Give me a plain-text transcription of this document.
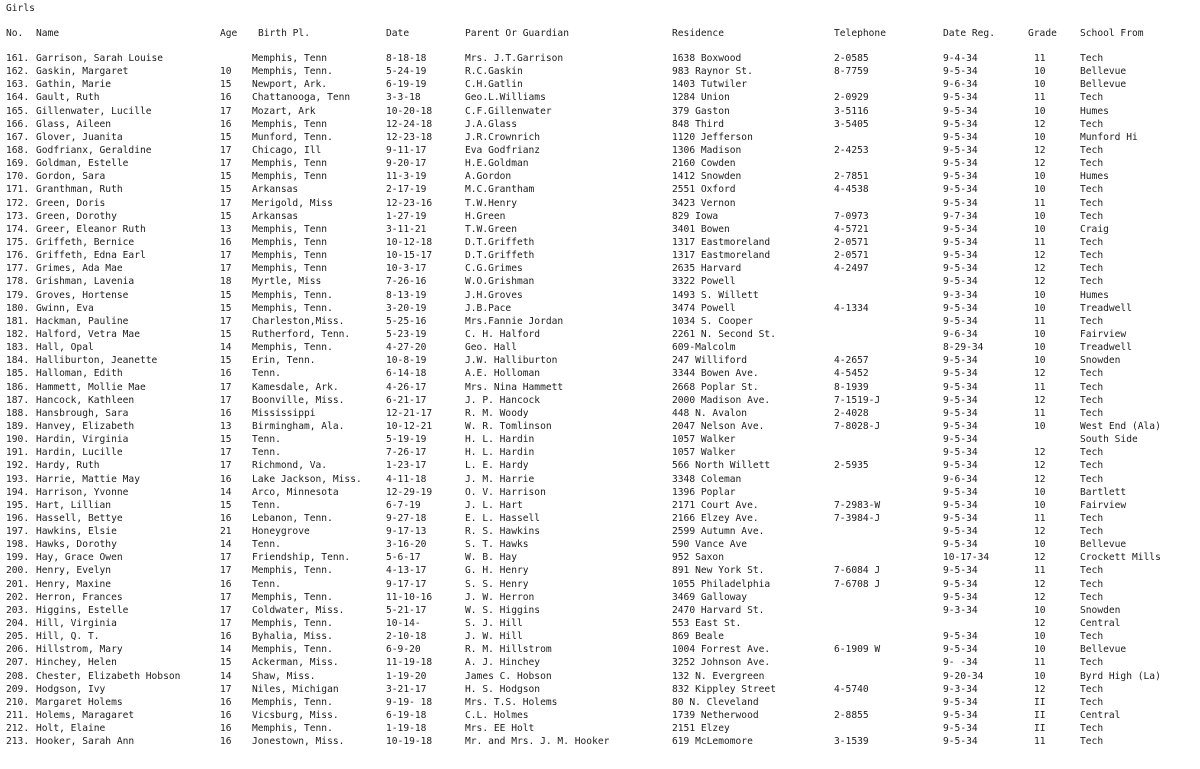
Girls
No. Name	Age Birth Pl.	Date	Parent Or Guardian	Residence	Telephone	Date Reg.	Grade School From
161. Garrison, Sarah Louise	Memphis, Tenn	8-18-18	Mrs. J.T.Garrison	1638 Boxwood	2-0585	9-4-34	11	Tech
162. Gaskin, Margaret	10 Memphis, Tenn.	5-24-19	R.C.Gaskin	983 Raynor St.	8-7759	9-5-34	10	Bellevue
163. Gathin, Marie	15 Newport, Ark.	6-19-19	C.H.Gatlin	1403 Tutwiler	9-6-34	10	Bellevue
164. Gault, Ruth	16 Chattanooga, Tenn	3-3-18	Geo.L.Williams	1284 Union	2-0929	9-5-34	11	Tech
165. Gillenwater, Lucille	17 Mozart, Ark	10-20-18	C.F.Gillenwater	379 Gaston	3-5116	9-5-34	10	Humes
166. Glass, Aileen	16 Memphis, Tenn	12-24-18	J.A.Glass	848 Third	3-5405	9-5-34	12	Tech
167. Glover, Juanita	15 Munford, Tenn.	12-23-18	J.R.Crownrich	1120 Jefferson	9-5-34	10	Munford Hi
168. Godfrianx, Geraldine	17 Chicago, Ill	9-11-17	Eva Godfrianz	1306 Madison	2-4253	9-5-34	12	Tech
169. Goldman, Estelle	17 Memphis, Tenn	9-20-17	H.E.Goldman	2160 Cowden	9-5-34	12	Tech
170. Gordon, Sara	15 Memphis, Tenn	11-3-19	A.Gordon	1412 Snowden	2-7851	9-5-34	10	Humes
171. Granthman, Ruth	15 Arkansas	2-17-19	M.C.Grantham	2551 Oxford	4-4538	9-5-34	10	Tech
172. Green, Doris	17 Merigold, Miss	12-23-16	T.W.Henry	3423 Vernon	9-5-34	11	Tech
173. Green, Dorothy	15 Arkansas	1-27-19	H.Green	829 Iowa	7-0973	9-7-34	10	Tech
174. Greer, Eleanor Ruth	13 Memphis, Tenn	3-11-21	T.W.Green	3401 Bowen	4-5721	9-5-34	10	Craig
175. Griffeth, Bernice	16 Memphis, Tenn	10-12-18	D.T.Griffeth	1317 Eastmoreland	2-0571	9-5-34	11	Tech
176. Griffeth, Edna Earl	17 Memphis, Tenn	10-15-17	D.T.Griffeth	1317 Eastmoreland	2-0571	9-5-34	12	Tech
177. Grimes, Ada Mae	17 Memphis, Tenn	10-3-17	C.G.Grimes	2635 Harvard	4-2497	9-5-34	12	Tech
178. Grishman, Lavenia	18 Myrtle, Miss	7-26-16	W.O.Grishman	3322 Powell	9-5-34	12	Tech
179. Groves, Hortense	15 Memphis, Tenn.	8-13-19	J.H.Groves	1493 S. Willett	9-3-34	10	Humes
180. Gwinn, Eva	15 Memphis, Tenn.	3-20-19	J.B.Pace	3474 Powell	4-1334	9-5-34	10	Treadwell
181. Hackman, Pauline	17 Charleston,Miss.	5-25-16	Mrs.Fannie Jordan	1034 S. Cooper	9-5-34	11	Tech
182. Halford, Vetra Mae	15 Rutherford, Tenn.	5-23-19	C. H. Halford	2261 N. Second St.	9-6-34	10	Fairview
183. Hall, Opal	14 Memphis, Tenn.	4-27-20	Geo. Hall	609-Malcolm	8-29-34	10	Treadwell
184. Halliburton, Jeanette	15 Erin, Tenn.	10-8-19	J.W. Halliburton	247 Williford	4-2657	9-5-34	10	Snowden
185. Halloman, Edith	16 Tenn.	6-14-18	A.E. Holloman	3344 Bowen Ave.	4-5452	9-5-34	12	Tech
186. Hammett, Mollie Mae	17 Kamesdale, Ark.	4-26-17	Mrs. Nina Hammett	2668 Poplar St.	8-1939	9-5-34	11	Tech
187. Hancock, Kathleen	17 Boonville, Miss.	6-21-17	J. P. Hancock	2000 Madison Ave.	7-1519-J	9-5-34	12	Tech
188. Hansbrough, Sara	16 Mississippi	12-21-17	R. M. Woody	448 N. Avalon	2-4028	9-5-34	11	Tech
189. Hanvey, Elizabeth	13 Birmingham, Ala.	10-12-21	W. R. Tomlinson	2047 Nelson Ave.	7-8028-J	9-5-34	10	West End (Ala)
190. Hardin, Virginia	15 Tenn.	5-19-19	H. L. Hardin	1057 Walker	9-5-34	South Side
191. Hardin, Lucille	17 Tenn.	7-26-17	H. L. Hardin	1057 Walker	9-5-34	12	Tech
192. Hardy, Ruth	17 Richmond, Va.	1-23-17	L. E. Hardy	566 North Willett	2-5935	9-5-34	12	Tech
193. Harrie, Mattie May	16 Lake Jackson, Miss.	4-11-18	J. M. Harrie	3348 Coleman	9-6-34	12	Tech
194. Harrison, Yvonne	14 Arco, Minnesota	12-29-19	O. V. Harrison	1396 Poplar	9-5-34	10	Bartlett
195. Hart, Lillian	15 Tenn.	6-7-19	J. L. Hart	2171 Court Ave.	7-2983-W	9-5-34	10	Fairview
196. Hassell, Bettye	16 Lebanon, Tenn.	9-27-18	E. L. Hassell	2166 Elzey Ave.	7-3984-J	9-5-34	11	Tech
197. Hawkins, Elsie	21 Honeygrove	9-17-13	R. S. Hawkins	2599 Autumn Ave.	9-5-34	12	Tech
198. Hawks, Dorothy	14 Tenn.	3-16-20	S. T. Hawks	590 Vance Ave	9-5-34	10	Bellevue
199. Hay, Grace Owen	17 Friendship, Tenn.	5-6-17	W. B. Hay	952 Saxon	10-17-34	12	Crockett Mills
200. Henry, Evelyn	17 Memphis, Tenn.	4-13-17	G. H. Henry	891 New York St.	7-6084 J	9-5-34	11	Tech
201. Henry, Maxine	16 Tenn.	9-17-17	S. S. Henry	1055 Philadelphia	7-6708 J	9-5-34	12	Tech
202. Herron, Frances	17 Memphis, Tenn.	11-10-16	J. W. Herron	3469 Galloway	9-5-34	12	Tech
203. Higgins, Estelle	17 Coldwater, Miss.	5-21-17	W. S. Higgins	2470 Harvard St.	9-3-34	10	Snowden
204. Hill, Virginia	17 Memphis, Tenn.	10-14-	S. J. Hill	553 East St.	12	Central
205. Hill, Q. T.	16 Byhalia, Miss.	2-10-18	J. W. Hill	869 Beale	9-5-34	10	Tech
206. Hillstrom, Mary	14 Memphis, Tenn.	6-9-20	R. M. Hillstrom	1004 Forrest Ave.	6-1909 W	9-5-34	10	Bellevue
207. Hinchey, Helen	15 Ackerman, Miss.	11-19-18	A. J. Hinchey	3252 Johnson Ave.	9- -34	11	Tech
208. Chester, Elizabeth Hobson	14 Shaw, Miss.	1-19-20	James C. Hobson	132 N. Evergreen	9-20-34	10	Byrd High (La)
209. Hodgson, Ivy	17 Niles, Michigan	3-21-17	H. S. Hodgson	832 Kippley Street	4-5740	9-3-34	12	Tech
210. Margaret Holems	16 Memphis, Tenn.	9-19- 18	Mrs. T.S. Holems	80 N. Cleveland	9-5-34	II	Tech
211. Holems, Maragaret	16 Vicsburg, Miss.	6-19-18	C.L. Holmes	1739 Netherwood	2-8855	9-5-34	II	Central
212. Holt, Elaine	16 Memphis, Tenn.	1-19-18	Mrs. EE Holt	2151 Elzey	9-5-34	II	Tech
213. Hooker, Sarah Ann	16 Jonestown, Miss.	10-19-18	Mr. and Mrs. J. M. Hooker	619 McLemomore	3-1539	9-5-34	11	Tech
